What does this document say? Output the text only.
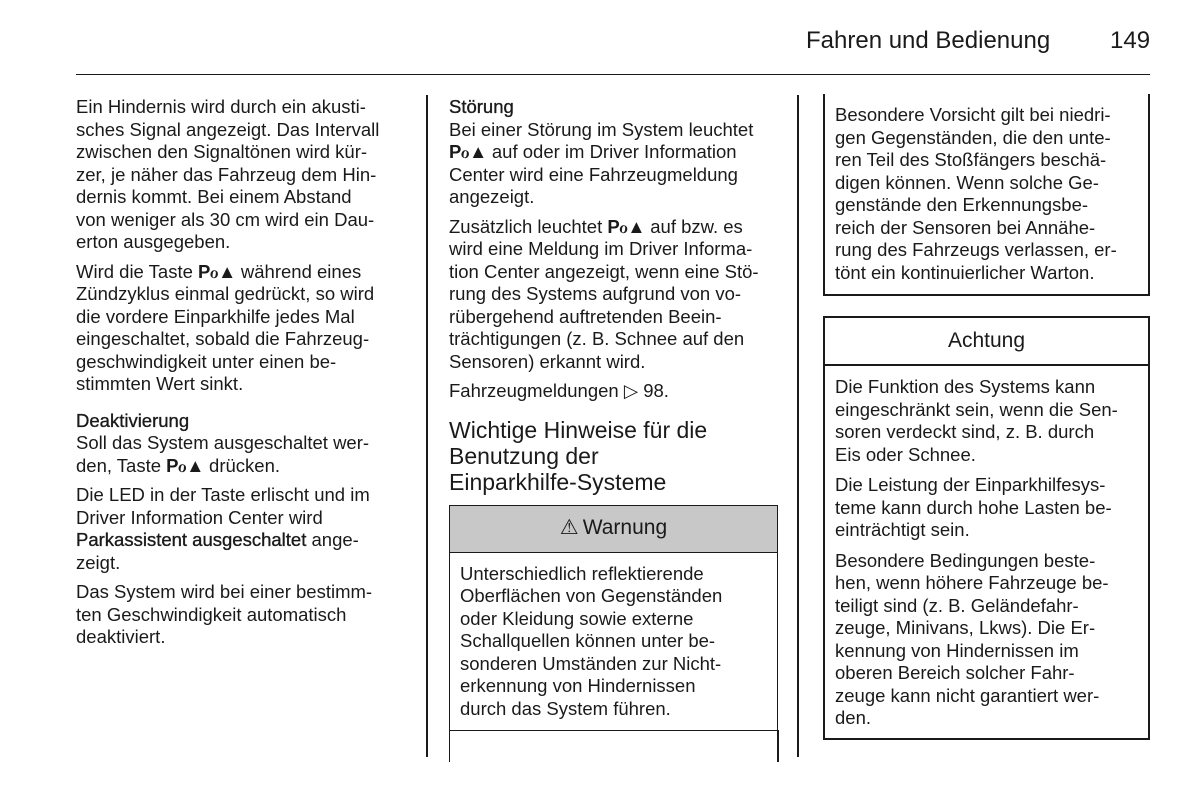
Fahren und Bedienung 149

Ein Hindernis wird durch ein akusti-
sches Signal angezeigt. Das Intervall
zwischen den Signaltönen wird kür-
zer, je näher das Fahrzeug dem Hin-
dernis kommt. Bei einem Abstand
von weniger als 30 cm wird ein Dau-
erton ausgegeben.

Wird die Taste Pℴ▲ während eines
Zündzyklus einmal gedrückt, so wird
die vordere Einparkhilfe jedes Mal
eingeschaltet, sobald die Fahrzeug-
geschwindigkeit unter einen be-
stimmten Wert sinkt.

Deaktivierung

Soll das System ausgeschaltet wer-
den, Taste Pℴ▲ drücken.

Die LED in der Taste erlischt und im
Driver Information Center wird
Parkassistent ausgeschaltet ange-
zeigt.

Das System wird bei einer bestimm-
ten Geschwindigkeit automatisch
deaktiviert.

Störung

Bei einer Störung im System leuchtet
Pℴ▲ auf oder im Driver Information
Center wird eine Fahrzeugmeldung
angezeigt.

Zusätzlich leuchtet Pℴ▲ auf bzw. es
wird eine Meldung im Driver Informa-
tion Center angezeigt, wenn eine Stö-
rung des Systems aufgrund von vo-
rübergehend auftretenden Beein-
trächtigungen (z. B. Schnee auf den
Sensoren) erkannt wird.

Fahrzeugmeldungen ▷ 98.

Wichtige Hinweise für die
Benutzung der
Einparkhilfe-Systeme
⚠ Warnung

Unterschiedlich reflektierende
Oberflächen von Gegenständen
oder Kleidung sowie externe
Schallquellen können unter be-
sonderen Umständen zur Nicht-
erkennung von Hindernissen
durch das System führen.

Besondere Vorsicht gilt bei niedri-
gen Gegenständen, die den unte-
ren Teil des Stoßfängers beschä-
digen können. Wenn solche Ge-
genstände den Erkennungsbe-
reich der Sensoren bei Annähe-
rung des Fahrzeugs verlassen, er-
tönt ein kontinuierlicher Warton.

Achtung

Die Funktion des Systems kann
eingeschränkt sein, wenn die Sen-
soren verdeckt sind, z. B. durch
Eis oder Schnee.

Die Leistung der Einparkhilfesys-
teme kann durch hohe Lasten be-
einträchtigt sein.

Besondere Bedingungen beste-
hen, wenn höhere Fahrzeuge be-
teiligt sind (z. B. Geländefahr-
zeuge, Minivans, Lkws). Die Er-
kennung von Hindernissen im
oberen Bereich solcher Fahr-
zeuge kann nicht garantiert wer-
den.
